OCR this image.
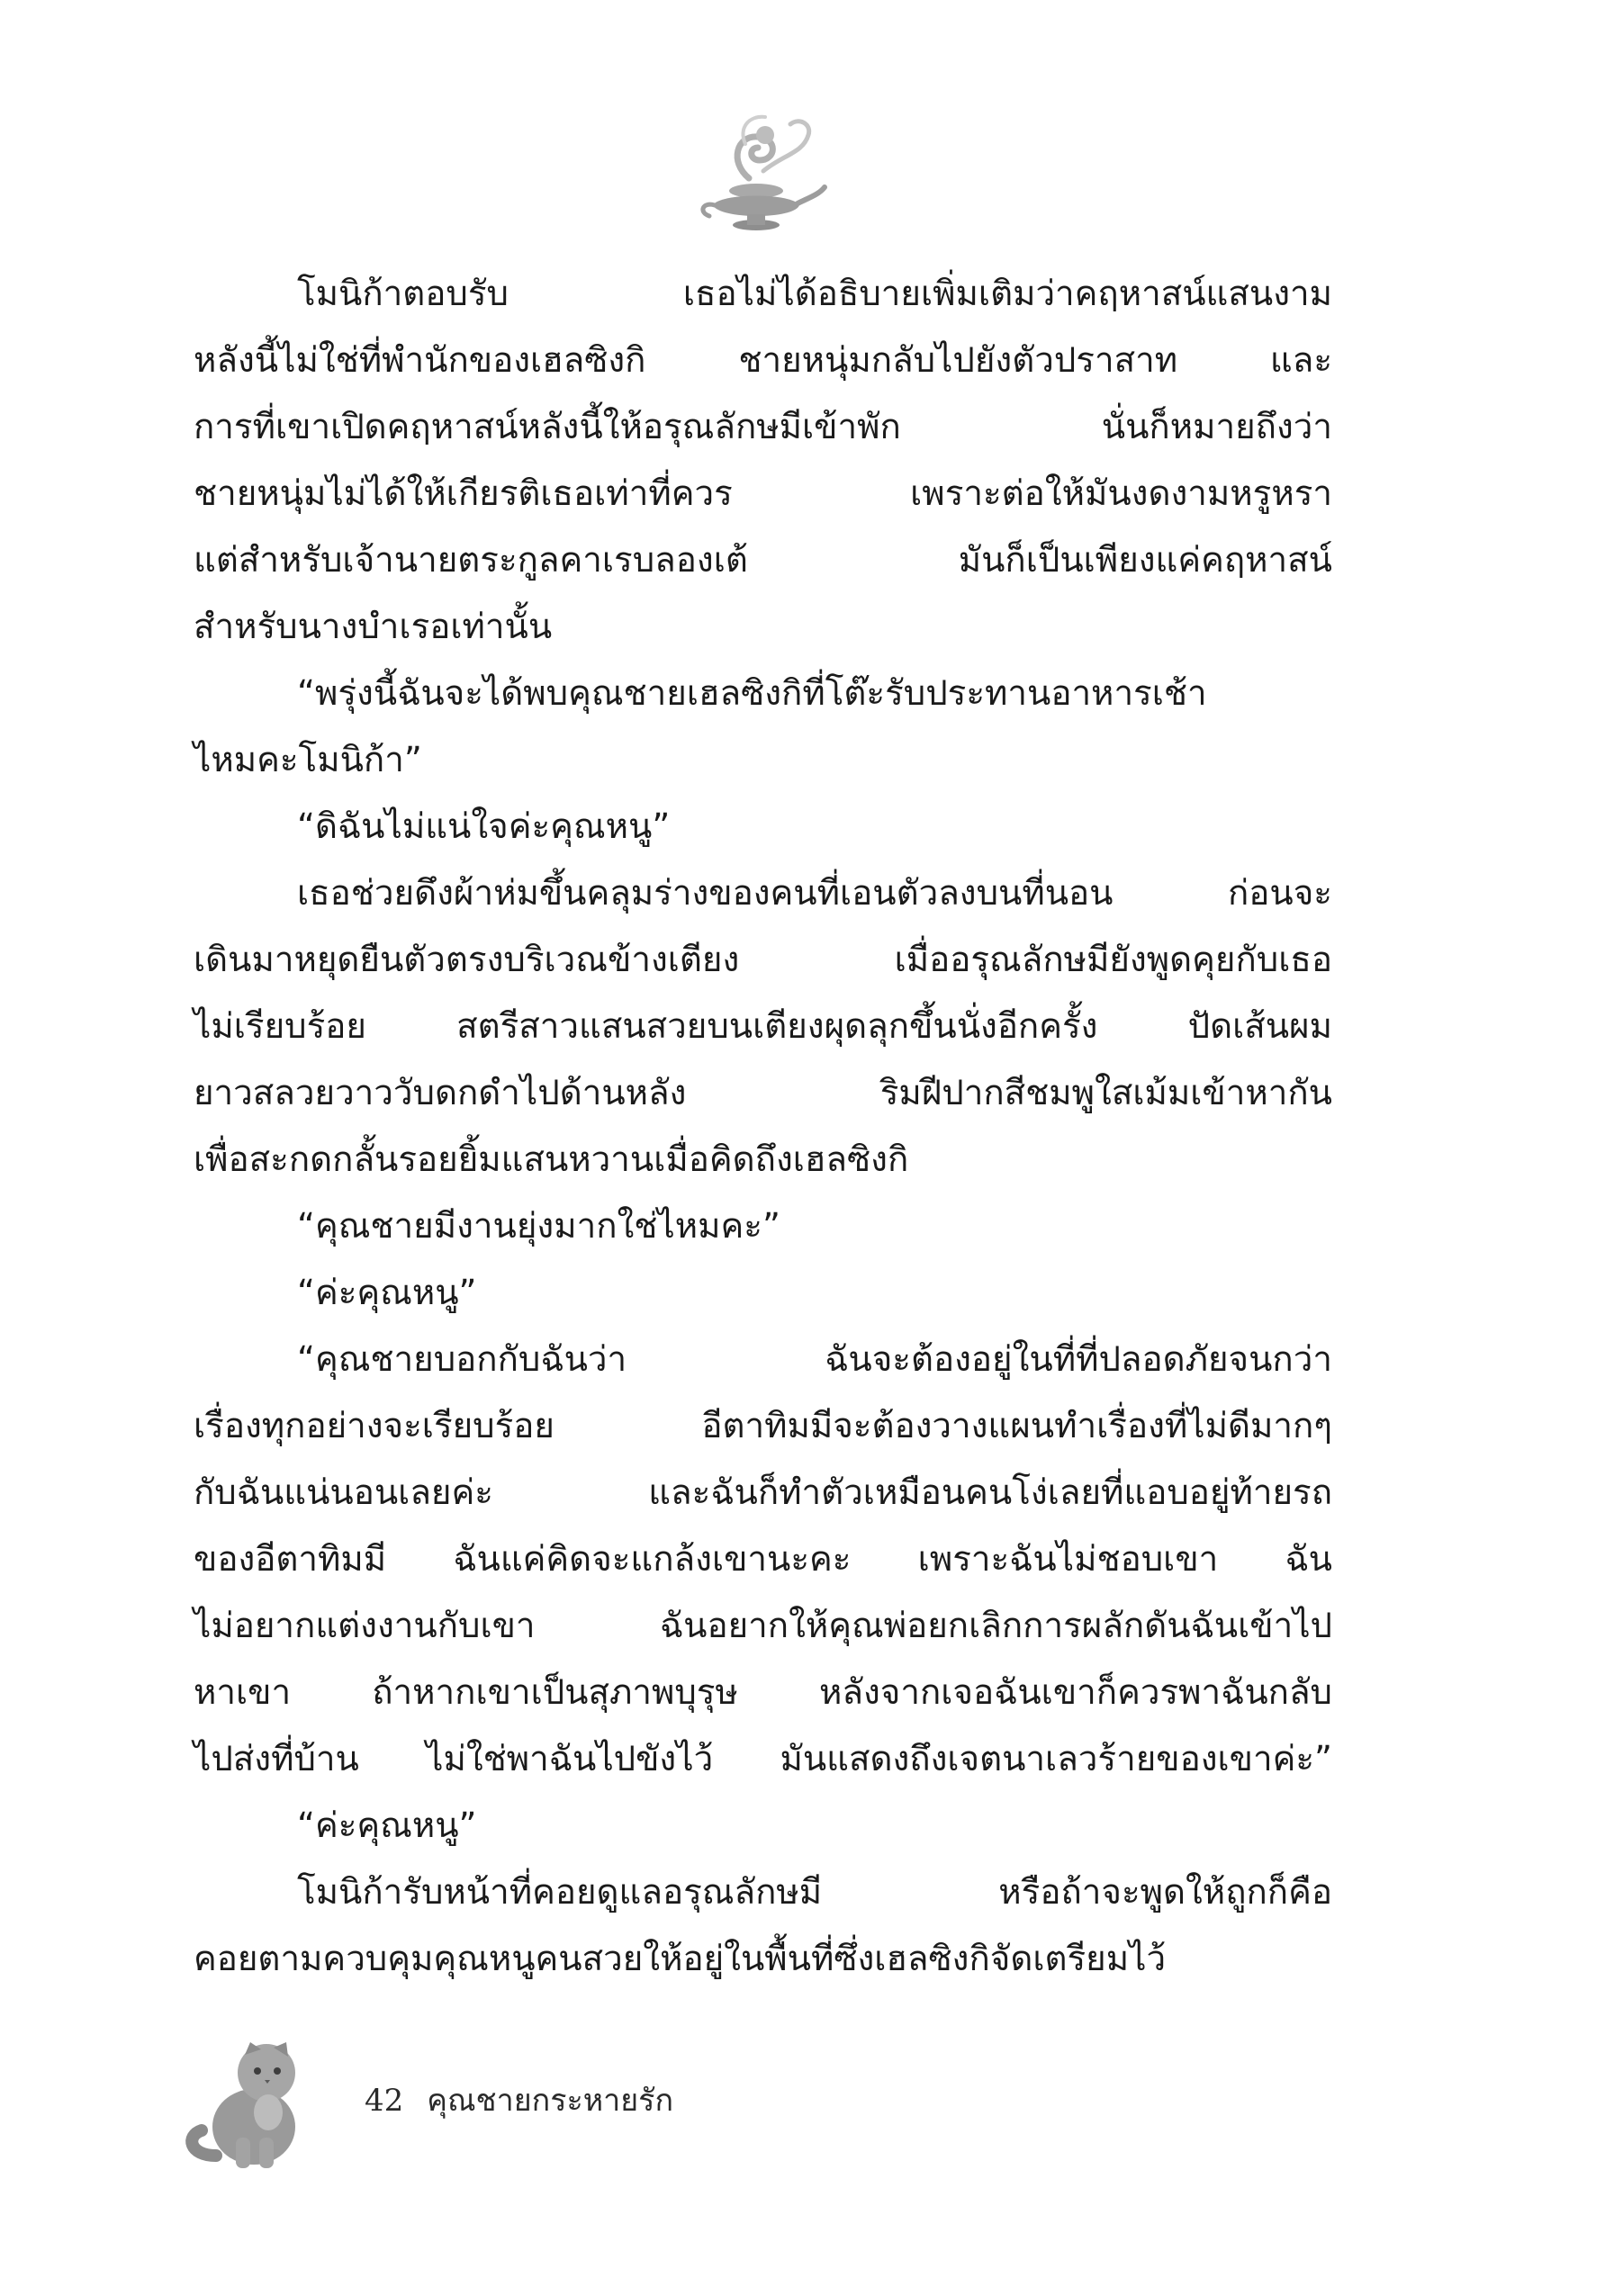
โมนิก้าตอบรับ เธอไม่ได้อธิบายเพิ่มเติมว่าคฤหาสน์แสนงาม

หลังนี้ไม่ใช่ที่พำนักของเฮลซิงกิ ชายหนุ่มกลับไปยังตัวปราสาท และ

การที่เขาเปิดคฤหาสน์หลังนี้ให้อรุณลักษมีเข้าพัก นั่นก็หมายถึงว่า

ชายหนุ่มไม่ได้ให้เกียรติเธอเท่าที่ควร เพราะต่อให้มันงดงามหรูหรา

แต่สำหรับเจ้านายตระกูลคาเรบลองเต้ มันก็เป็นเพียงแค่คฤหาสน์

สำหรับนางบำเรอเท่านั้น

“พรุ่งนี้ฉันจะได้พบคุณชายเฮลซิงกิที่โต๊ะรับประทานอาหารเช้า

ไหมคะโมนิก้า”

“ดิฉันไม่แน่ใจค่ะคุณหนู”

เธอช่วยดึงผ้าห่มขึ้นคลุมร่างของคนที่เอนตัวลงบนที่นอน ก่อนจะ

เดินมาหยุดยืนตัวตรงบริเวณข้างเตียง เมื่ออรุณลักษมียังพูดคุยกับเธอ

ไม่เรียบร้อย สตรีสาวแสนสวยบนเตียงผุดลุกขึ้นนั่งอีกครั้ง ปัดเส้นผม

ยาวสลวยวาววับดกดำไปด้านหลัง ริมฝีปากสีชมพูใสเม้มเข้าหากัน

เพื่อสะกดกลั้นรอยยิ้มแสนหวานเมื่อคิดถึงเฮลซิงกิ

“คุณชายมีงานยุ่งมากใช่ไหมคะ”

“ค่ะคุณหนู”

“คุณชายบอกกับฉันว่า ฉันจะต้องอยู่ในที่ที่ปลอดภัยจนกว่า

เรื่องทุกอย่างจะเรียบร้อย อีตาทิมมีจะต้องวางแผนทำเรื่องที่ไม่ดีมากๆ

กับฉันแน่นอนเลยค่ะ และฉันก็ทำตัวเหมือนคนโง่เลยที่แอบอยู่ท้ายรถ

ของอีตาทิมมี ฉันแค่คิดจะแกล้งเขานะคะ เพราะฉันไม่ชอบเขา ฉัน

ไม่อยากแต่งงานกับเขา ฉันอยากให้คุณพ่อยกเลิกการผลักดันฉันเข้าไป

หาเขา ถ้าหากเขาเป็นสุภาพบุรุษ หลังจากเจอฉันเขาก็ควรพาฉันกลับ

ไปส่งที่บ้าน ไม่ใช่พาฉันไปขังไว้ มันแสดงถึงเจตนาเลวร้ายของเขาค่ะ”

“ค่ะคุณหนู”

โมนิก้ารับหน้าที่คอยดูแลอรุณลักษมี หรือถ้าจะพูดให้ถูกก็คือ

คอยตามควบคุมคุณหนูคนสวยให้อยู่ในพื้นที่ซึ่งเฮลซิงกิจัดเตรียมไว้

42 คุณชายกระหายรัก
